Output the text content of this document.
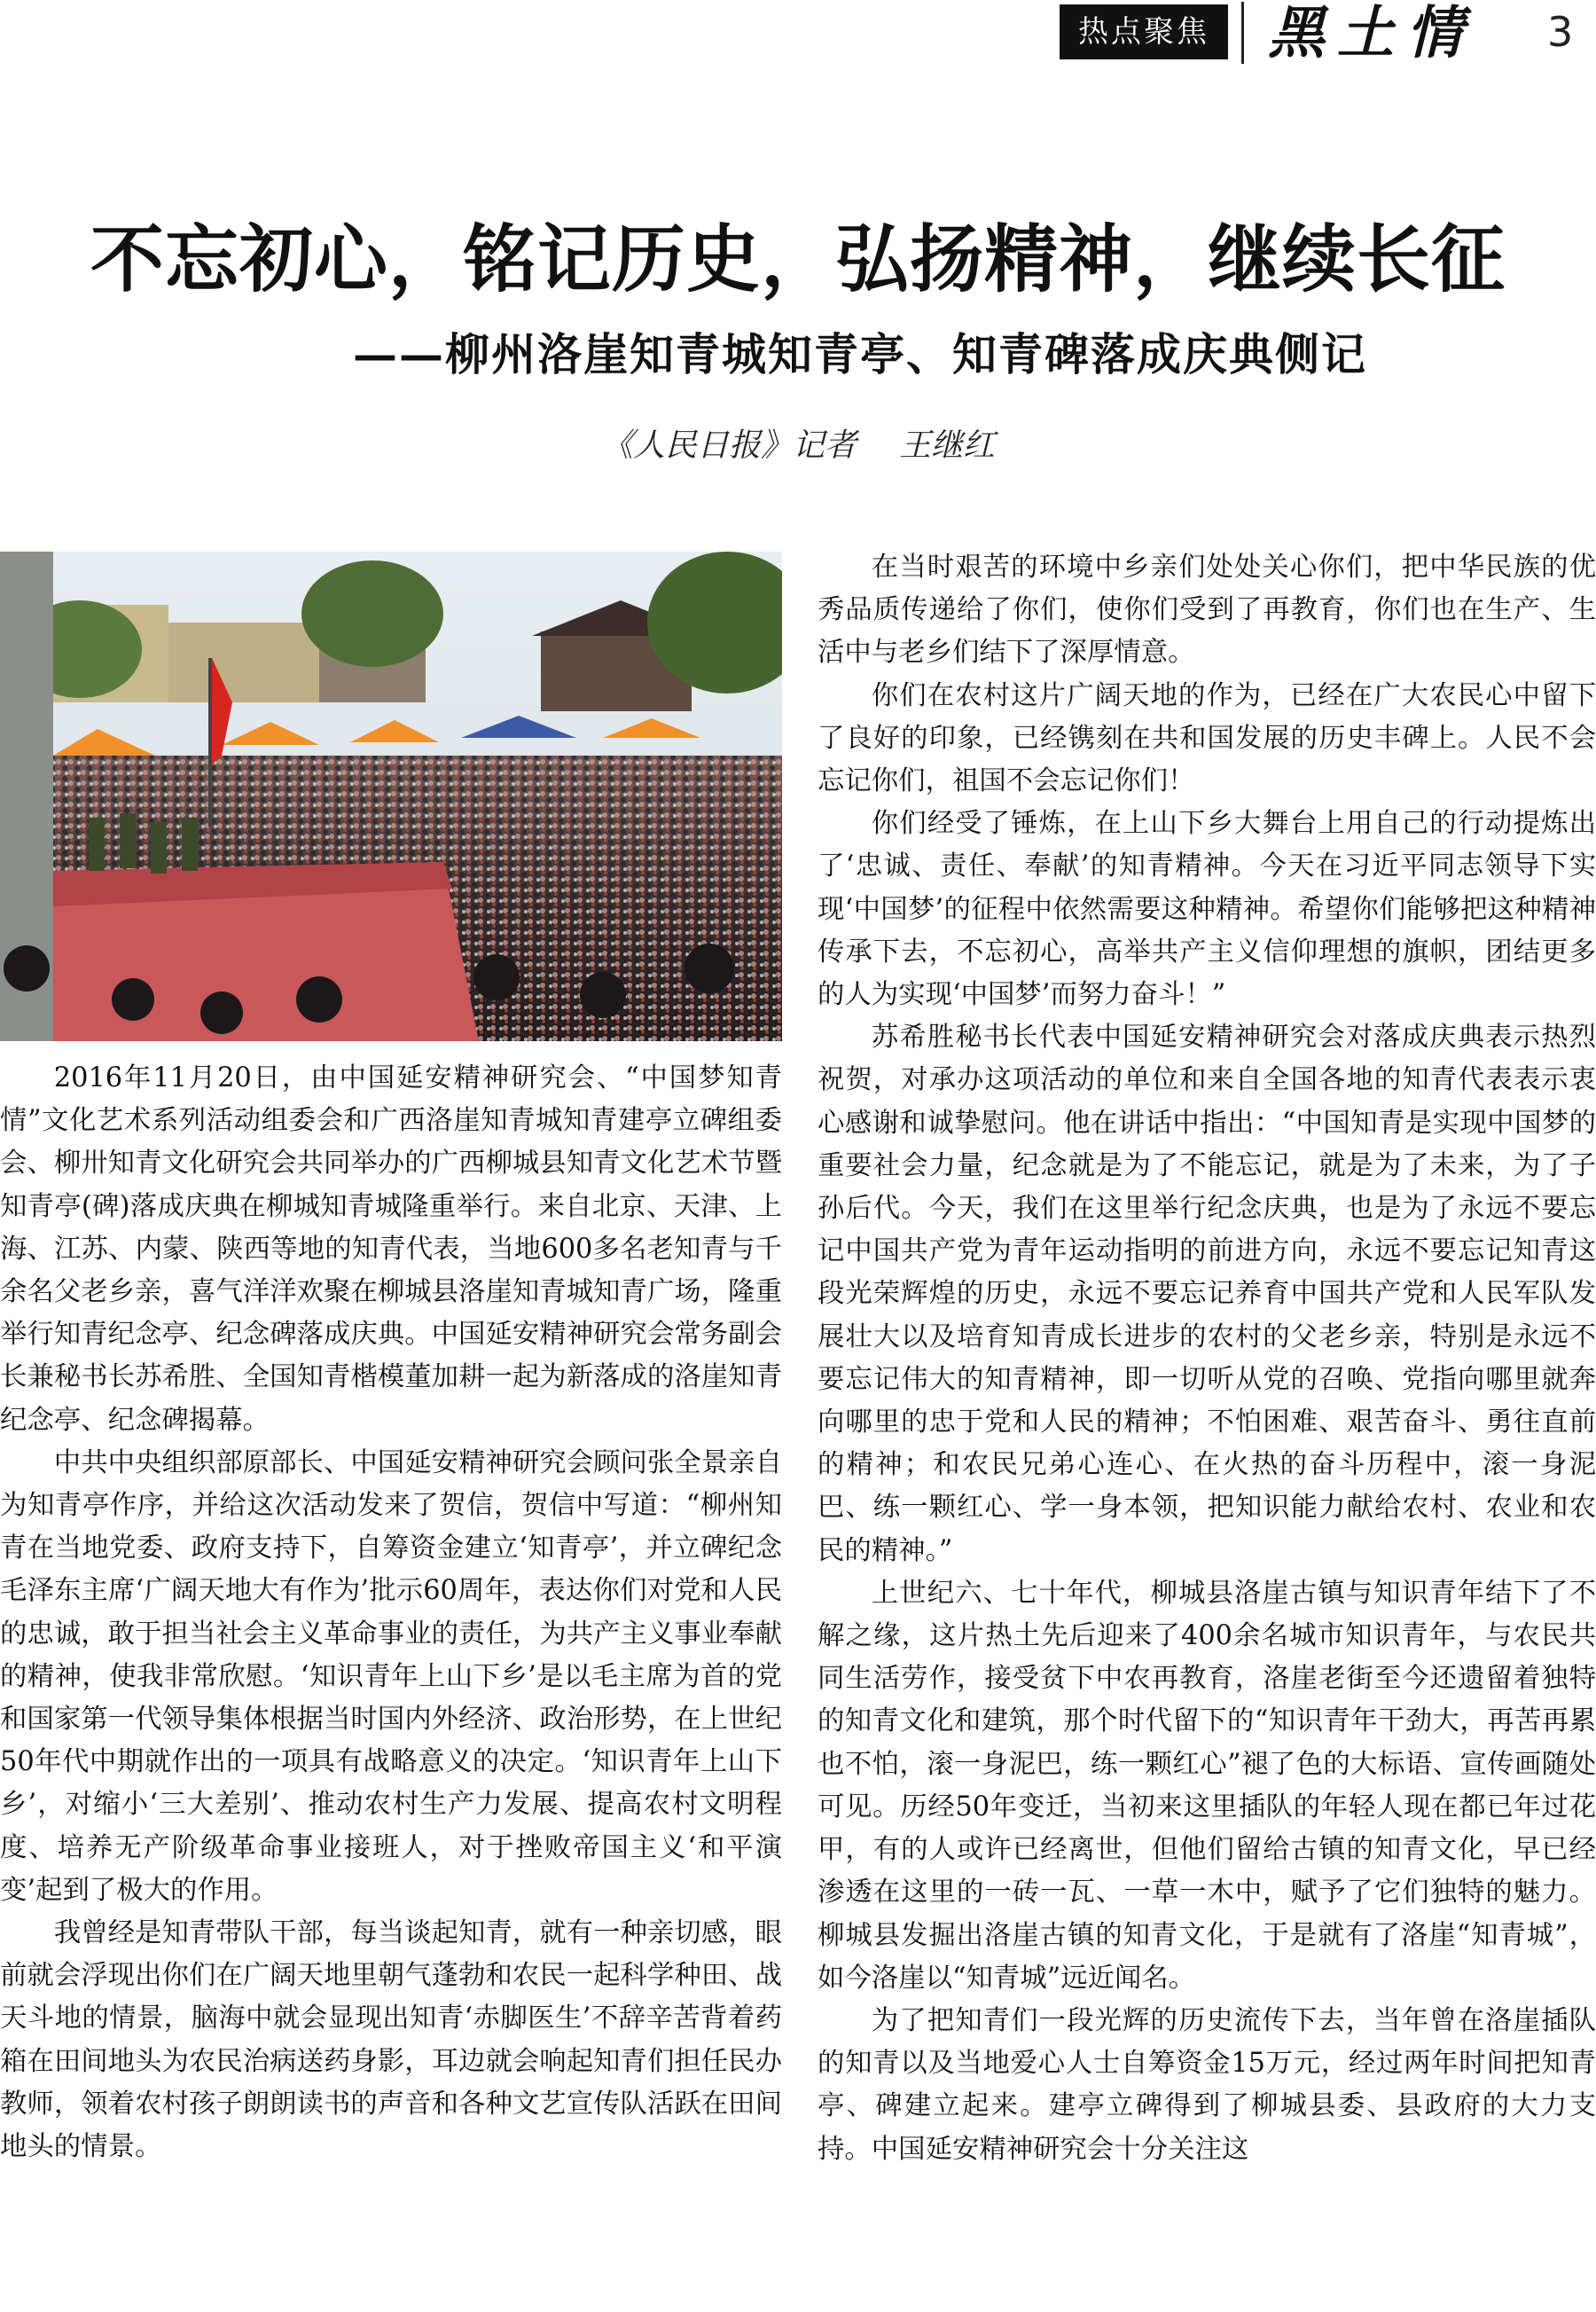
热点聚焦	黑土情 3
不忘初心，铭记历史，弘扬精神，继续长征
——柳州洛崖知青城知青亭、知青碑落成庆典侧记
《人民日报》记者 王继红

2016年11月20日，由中国延安精神研究会、“中国梦知青情”文化艺术系列活动组委会和广西洛崖知青城知青建亭立碑组委会、柳卅知青文化研究会共同举办的广西柳城县知青文化艺术节暨知青亭(碑)落成庆典在柳城知青城隆重举行。来自北京、天津、上海、江苏、内蒙、陕西等地的知青代表，当地600多名老知青与千余名父老乡亲，喜气洋洋欢聚在柳城县洛崖知青城知青广场，隆重举行知青纪念亭、纪念碑落成庆典。中国延安精神研究会常务副会长兼秘书长苏希胜、全国知青楷模董加耕一起为新落成的洛崖知青纪念亭、纪念碑揭幕。

中共中央组织部原部长、中国延安精神研究会顾问张全景亲自为知青亭作序，并给这次活动发来了贺信，贺信中写道：“柳州知青在当地党委、政府支持下，自筹资金建立‘知青亭’，并立碑纪念毛泽东主席‘广阔天地大有作为’批示60周年，表达你们对党和人民的忠诚，敢于担当社会主义革命事业的责任，为共产主义事业奉献的精神，使我非常欣慰。‘知识青年上山下乡’是以毛主席为首的党和国家第一代领导集体根据当时国内外经济、政治形势，在上世纪50年代中期就作出的一项具有战略意义的决定。‘知识青年上山下乡’，对缩小‘三大差别’、推动农村生产力发展、提高农村文明程度、培养无产阶级革命事业接班人，对于挫败帝国主义‘和平演变’起到了极大的作用。

我曾经是知青带队干部，每当谈起知青，就有一种亲切感，眼前就会浮现出你们在广阔天地里朝气蓬勃和农民一起科学种田、战天斗地的情景，脑海中就会显现出知青‘赤脚医生’不辞辛苦背着药箱在田间地头为农民治病送药身影，耳边就会响起知青们担任民办教师，领着农村孩子朗朗读书的声音和各种文艺宣传队活跃在田间地头的情景。

在当时艰苦的环境中乡亲们处处关心你们，把中华民族的优秀品质传递给了你们，使你们受到了再教育，你们也在生产、生活中与老乡们结下了深厚情意。

你们在农村这片广阔天地的作为，已经在广大农民心中留下了良好的印象，已经镌刻在共和国发展的历史丰碑上。人民不会忘记你们，祖国不会忘记你们！

你们经受了锤炼，在上山下乡大舞台上用自己的行动提炼出了‘忠诚、责任、奉献’的知青精神。今天在习近平同志领导下实现‘中国梦’的征程中依然需要这种精神。希望你们能够把这种精神传承下去，不忘初心，高举共产主义信仰理想的旗帜，团结更多的人为实现‘中国梦’而努力奋斗！”

苏希胜秘书长代表中国延安精神研究会对落成庆典表示热烈祝贺，对承办这项活动的单位和来自全国各地的知青代表表示衷心感谢和诚挚慰问。他在讲话中指出：“中国知青是实现中国梦的重要社会力量，纪念就是为了不能忘记，就是为了未来，为了子孙后代。今天，我们在这里举行纪念庆典，也是为了永远不要忘记中国共产党为青年运动指明的前进方向，永远不要忘记知青这段光荣辉煌的历史，永远不要忘记养育中国共产党和人民军队发展壮大以及培育知青成长进步的农村的父老乡亲，特别是永远不要忘记伟大的知青精神，即一切听从党的召唤、党指向哪里就奔向哪里的忠于党和人民的精神；不怕困难、艰苦奋斗、勇往直前的精神；和农民兄弟心连心、在火热的奋斗历程中，滚一身泥巴、练一颗红心、学一身本领，把知识能力献给农村、农业和农民的精神。”

上世纪六、七十年代，柳城县洛崖古镇与知识青年结下了不解之缘，这片热土先后迎来了400余名城市知识青年，与农民共同生活劳作，接受贫下中农再教育，洛崖老街至今还遗留着独特的知青文化和建筑，那个时代留下的“知识青年干劲大，再苦再累也不怕，滚一身泥巴，练一颗红心”褪了色的大标语、宣传画随处可见。历经50年变迁，当初来这里插队的年轻人现在都已年过花甲，有的人或许已经离世，但他们留给古镇的知青文化，早已经渗透在这里的一砖一瓦、一草一木中，赋予了它们独特的魅力。柳城县发掘出洛崖古镇的知青文化，于是就有了洛崖“知青城”，如今洛崖以“知青城”远近闻名。

为了把知青们一段光辉的历史流传下去，当年曾在洛崖插队的知青以及当地爱心人士自筹资金15万元，经过两年时间把知青亭、碑建立起来。建亭立碑得到了柳城县委、县政府的大力支持。中国延安精神研究会十分关注这
